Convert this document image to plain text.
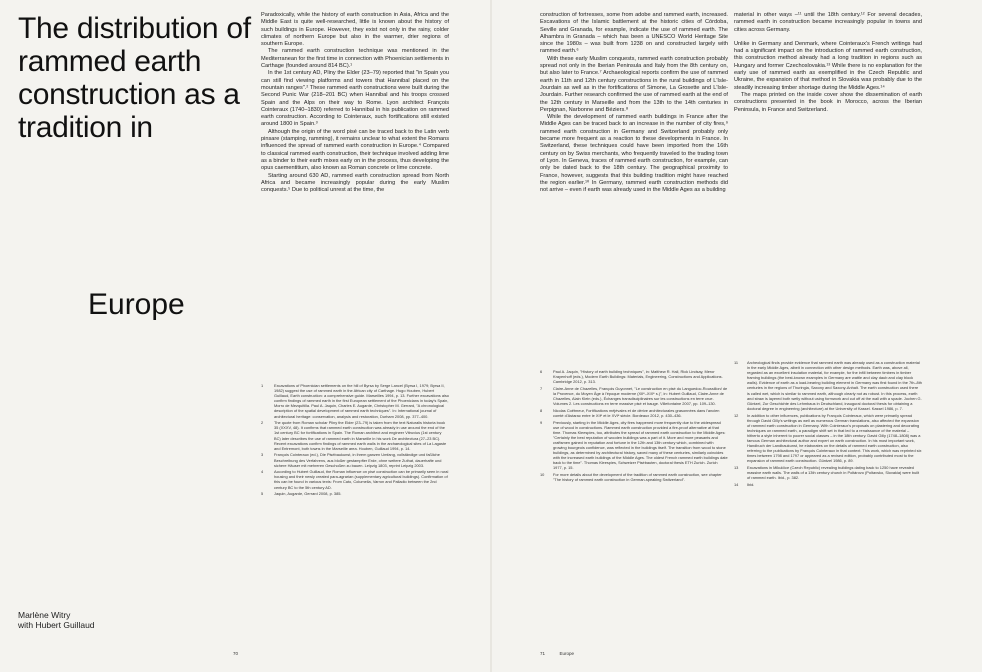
The distribution of rammed earth construction as a tradition in
Europe
Marlène Witry
with Hubert Guillaud

Paradoxically, while the history of earth construction in Asia, Africa and the Middle East is quite well-researched, little is known about the history of such buildings in Europe. However, they exist not only in the rainy, colder climates of northern Europe but also in the warmer, drier regions of southern Europe.

The rammed earth construction technique was mentioned in the Mediterranean for the first time in connection with Phoenician settlements in Carthage (founded around 814 BC).¹

In the 1st century AD, Pliny the Elder (23–79) reported that "in Spain you can still find viewing platforms and towers that Hannibal placed on the mountain ranges".² These rammed earth constructions were built during the Second Punic War (218–201 BC) when Hannibal and his troops crossed Spain and the Alps on their way to Rome. Lyon architect François Cointeraux (1740–1830) referred to Hannibal in his publication on rammed earth construction. According to Cointeraux, such fortifications still existed around 1800 in Spain.³

Although the origin of the word pisé can be traced back to the Latin verb pinsare (stamping, ramming), it remains unclear to what extent the Romans influenced the spread of rammed earth construction in Europe.⁴ Compared to classical rammed earth construction, their technique involved adding lime as a binder to their earth mixes early on in the process, thus developing the opus caementitium, also known as Roman concrete or lime concrete.

Starting around 630 AD, rammed earth construction spread from North Africa and became increasingly popular during the early Muslim conquests.⁵ Due to political unrest at the time, the

1	Excavations of Phoenician settlements on the hill of Byrsa by Serge Lancel (Byrsa I, 1979; Byrsa II, 1982) suggest the use of rammed earth in the African city of Carthage. Hugo Houben, Hubert Guillaud, Earth construction: a comprehensive guide. Marseilles 1994, p. 13. Further excavations also confirm findings of rammed earth in the first European settlement of the Phoenicians in today's Spain, Morro de Mezquitilla. Paul A. Jaquin, Charles E. Augarde, Christopher M. Gerrard, "A chronological description of the spatial development of rammed earth techniques". In: International journal of architectural heritage: conservation, analysis and restoration, Durham 2008, pp. 377–400.
2	The quote from Roman scholar Pliny the Elder (23–79) is taken from the text Naturalis historia book 35 (XXXV, 48). It confirms that rammed earth construction was already in use around the end of the 1st century BC for fortifications in Spain. The Roman architect and engineer Vitruvius (1st century BC) later describes the use of rammed earth in Marseille in his work De architectura (27–23 BC). Recent excavations confirm findings of rammed earth walls in the archaeological sites of La Lagaste and Entremont, both towns in the Marseille area. Houben, Guillaud 1994, p. 14.
3	François Cointeraux (ed.), Die Pisébaukunst, in ihrem ganzen Umfang, vollständige und faßliche Beschreibung des Verfahrens, aus bloßer gestampfter Erde, ohne weitere Zuthat, dauerhafte und sichere Häuser mit mehreren Geschoßen zu bauen. Leipzig 1803, reprint Leipzig 2003.
4	According to Hubert Guillaud, the Roman influence on pisé construction can be primarily seen in rural housing and their newly created para-agrarian (supplementary agricultural buildings). Confirmation of this can be found in various texts: From Cato, Columella, Varron and Palladio between the 2nd century BC to the 5th century AD.
5	Jaquin, Augarde, Gerrard 2008, p. 385.
70

construction of fortresses, some from adobe and rammed earth, increased. Excavations of the Islamic battlement at the historic cities of Córdoba, Seville and Granada, for example, indicate the use of rammed earth. The Alhambra in Granada – which has been a UNESCO World Heritage Site since the 1980s – was built from 1238 on and constructed largely with rammed earth.⁶

With these early Muslim conquests, rammed earth construction probably spread not only in the Iberian Peninsula and Italy from the 8th century on, but also later to France.⁷ Archaeological reports confirm the use of rammed earth in 11th and 12th century constructions in the rural buildings of L'Isle-Jourdain as well as in the fortifications of Simone, La Grosette and L'Isle-Jourdain. Further research confirmed the use of rammed earth at the end of the 12th century in Marseille and from the 13th to the 14th centuries in Perpignan, Narbonne and Béziers.⁸

While the development of rammed earth buildings in France after the Middle Ages can be traced back to an increase in the number of city fires,⁹ rammed earth construction in Germany and Switzerland probably only became more frequent as a reaction to these developments in France. In Switzerland, these techniques could have been imported from the 16th century on by Swiss merchants, who frequently traveled to the trading town of Lyon. In Geneva, traces of rammed earth construction, for example, can only be dated back to the 18th century. The geographical proximity to France, however, suggests that this building tradition might have reached the region earlier.¹⁰ In Germany, rammed earth construction methods did not arrive – even if earth was already used in the Middle Ages as a building

material in other ways –¹¹ until the 18th century.¹² For several decades, rammed earth in construction became increasingly popular in towns and cities across Germany.

Unlike in Germany and Denmark, where Cointeraux's French writings had had a significant impact on the introduction of rammed earth construction, this construction method already had a long tradition in regions such as Hungary and former Czechoslovakia.¹³ While there is no explanation for the early use of rammed earth as exemplified in the Czech Republic and Ukraine, the expansion of that method in Slovakia was probably due to the steadily increasing timber shortage during the Middle Ages.¹⁴

The maps printed on the inside cover show the dissemination of earth constructions presented in the book in Morocco, across the Iberian Peninsula, in France and Switzerland.

6	Paul A. Jaquin, "History of earth building techniques", in: Matthew R. Hall, Rick Lindsay, Meror Krayenhoff (eds.), Modern Earth Buildings: Materials, Engineering, Constructions and Applications. Cambridge 2012, p. 313.
7	Claire-Anne de Chazelles, François Guyonnet, "Le construction en pisé du Languedoc-Roussillon/ de la Provence, du Moyen Âge à l'époque moderne (XIIᵉ–XIXᵉ s.)", in: Hubert Guillaud, Claire-Anne de Chazelles, Alain Klein (eds.), Échanges transdisciplinaires sur les constructions en terre crue. Volumes 2. Les constructions en terre massive pisé et bauge. Villefontaine 2007, pp. 109–130.
8	Nicolas Coëtmeur, Fortifications méjévales et de dérive architecturales grasonnées dans l'ancien comté d'Astarac entre le XIIᵉ et le XVIᵉ siècle. Bordeaux 2012, p. 430–436.
9	Previously, starting in the Middle Ages, city fires happened more frequently due to the widespread use of wood in constructions. Rammed earth construction provided a fire-proof alternative at that time. Thomas Kleespies, too, attributes the spread of rammed earth construction to the Middle Ages: "Certainly the best reputation of wooden buildings was a part of it. More and more peasants and craftsmen gained in reputation and fortune in the 12th and 13th century which, combined with growing bourgeois confidence, was reflected in the buildings itself. The transition from wood to stone buildings, as determined by architectural history, saved many of these centuries, similarly coincides with the increased earth buildings of the Middle Ages. The oldest French rammed earth buildings date back to the time". Thomas Kleespies, Schweizer Pisébauten, doctoral thesis ETH Zurich. Zurich 1977, p. 15.
10	For more details about the development of the tradition of rammed earth construction, see chapter "The history of rammed earth construction in German-speaking Switzerland".
11	Archeological finds provide evidence that rammed earth was already used as a construction material in the early Middle Ages, albeit in connection with other design methods. Earth was, above all, regarded as an excellent insulation material, for example, for the infill between timbers in timber framing buildings (the best-known examples in Germany are wattle and clay daub and clay block walls). Evidence of earth as a load-bearing building element in Germany was first found in the 7th–8th centuries in the regions of Thuringia, Saxony and Saxony-Anhalt. The earth construction used there is called wet, which is similar to rammed earth, although clearly not as robust. In this process, earth and straw is layered both wetly without using formwork and cut off at the wall with a spade. Jochen G. Güntzel, Zur Geschichte des Lehmbaus in Deutschland, inaugural doctoral thesis for obtaining a doctoral degree in engineering (architecture) at the University of Kassel. Kassel 1986, p. 7.
12	In addition to other influences, publications by François Cointeraux, which were primarily spread through David Gilly's writings as well as numerous German translations, also affected the expansion of rammed earth construction in Germany. With Cointeraux's proposals on plastering and decorating techniques on rammed earth, a paradigm shift set in that led to a renaissance of the material – hitherto a style inherent to poorer social classes – in the 18th century. David Gilly (1748–1808) was a famous German architectural author and expert on earth construction. In his most important work, Handbuch der Landbaukunst, he elaborates on the details of rammed earth construction, also referring to the publications by François Cointeraux in that context. This work, which was reprinted six times between 1798 and 1797 or appeared as a revised edition, probably contributed most to the expansion of rammed earth construction. Güntzel 1986, p. 89.
13	Excavations in Mǐkulčice (Czech Republic) revealing buildings dating back to 1250 have revealed massive earth walls. The walls of a 13th century church in Poltárovo (Poltavsko, Slovakia) were built of rammed earth. Ibid., p. 382.
14	Ibid.
71	Europe
